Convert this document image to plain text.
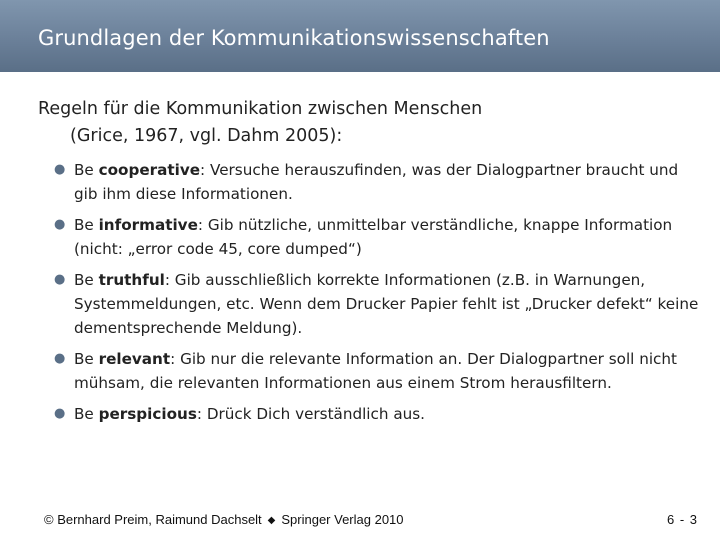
Grundlagen der Kommunikationswissenschaften
Regeln für die Kommunikation zwischen Menschen
(Grice, 1967, vgl. Dahm 2005):
● Be cooperative: Versuche herauszufinden, was der Dialogpartner braucht und gib ihm diese Informationen.
● Be informative: Gib nützliche, unmittelbar verständliche, knappe Information (nicht: „error code 45, core dumped“)
● Be truthful: Gib ausschließlich korrekte Informationen (z.B. in Warnungen, Systemmeldungen, etc. Wenn dem Drucker Papier fehlt ist „Drucker defekt“ keine dementsprechende Meldung).
● Be relevant: Gib nur die relevante Information an. Der Dialogpartner soll nicht mühsam, die relevanten Informationen aus einem Strom herausfiltern.
● Be perspicious: Drück Dich verständlich aus.
© Bernhard Preim, Raimund Dachselt ◆ Springer Verlag 2010	6 - 3
